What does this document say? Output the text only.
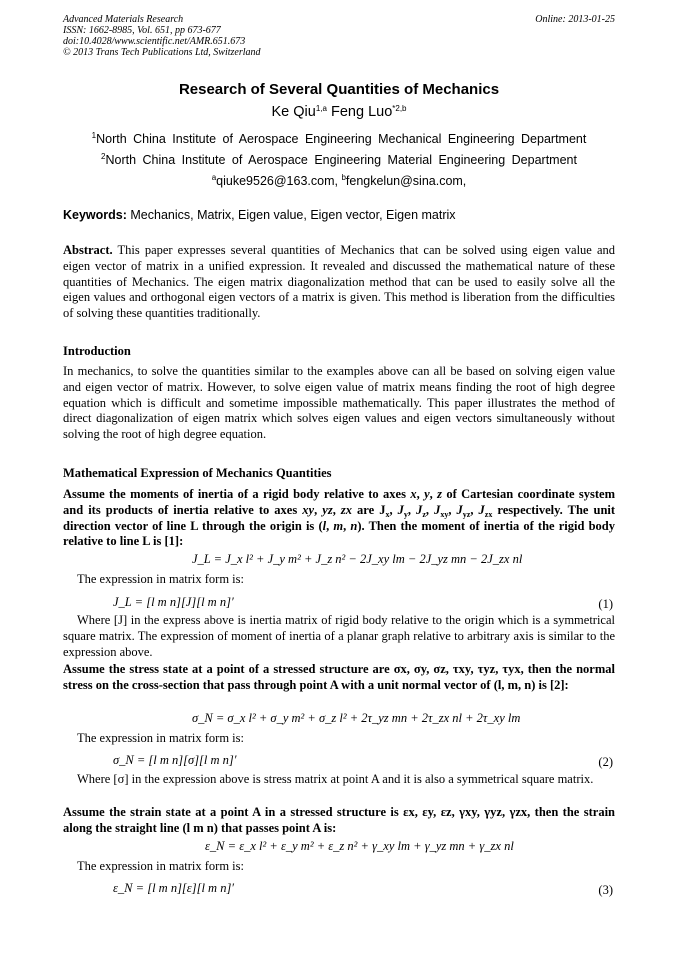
Advanced Materials Research
ISSN: 1662-8985, Vol. 651, pp 673-677
doi:10.4028/www.scientific.net/AMR.651.673
© 2013 Trans Tech Publications Ltd, Switzerland
Online: 2013-01-25
Research of Several Quantities of Mechanics
Ke Qiu$^{1,a}$ Feng Luo$^{*2,b}$
$^1$North China Institute of Aerospace Engineering Mechanical Engineering Department
$^2$North China Institute of Aerospace Engineering Material Engineering Department
$^a$qiuke9526@163.com, $^b$fengkelun@sina.com,
Keywords: Mechanics, Matrix, Eigen value, Eigen vector, Eigen matrix
Abstract. This paper expresses several quantities of Mechanics that can be solved using eigen value and eigen vector of matrix in a unified expression. It revealed and discussed the mathematical nature of these quantities of Mechanics. The eigen matrix diagonalization method that can be used to easily solve all the eigen values and orthogonal eigen vectors of a matrix is given. This method is liberation from the difficulties of solving these quantities traditionally.
Introduction
In mechanics, to solve the quantities similar to the examples above can all be based on solving eigen value and eigen vector of matrix. However, to solve eigen value of matrix means finding the root of high degree equation which is difficult and sometime impossible mathematically. This paper illustrates the method of direct diagonalization of eigen matrix which solves eigen values and eigen vectors simultaneously without solving the root of high degree equation.
Mathematical Expression of Mechanics Quantities
Assume the moments of inertia of a rigid body relative to axes x, y, z of Cartesian coordinate system and its products of inertia relative to axes xy, yz, zx are $J_x$, $J_y$, $J_z$, $J_{xy}$, $J_{yz}$, $J_{zx}$ respectively. The unit direction vector of line L through the origin is (l, m, n). Then the moment of inertia of the rigid body relative to line L is [1]:
J_L = J_x l² + J_y m² + J_z n² − 2J_xy lm − 2J_yz mn − 2J_zx nl
The expression in matrix form is:
J_L = [l m n][J][l m n]′	(1)
Where [J] in the express above is inertia matrix of rigid body relative to the origin which is a symmetrical square matrix. The expression of moment of inertia of a planar graph relative to arbitrary axis is similar to the expression above.
Assume the stress state at a point of a stressed structure are σx, σy, σz, τxy, τyz, τyx, then the normal stress on the cross-section that pass through point A with a unit normal vector of (l, m, n) is [2]:
σ_N = σ_x l² + σ_y m² + σ_z l² + 2τ_yz mn + 2τ_zx nl + 2τ_xy lm
The expression in matrix form is:
σ_N = [l m n][σ][l m n]′	(2)
Where [σ] in the expression above is stress matrix at point A and it is also a symmetrical square matrix.
Assume the strain state at a point A in a stressed structure is εx, εy, εz, γxy, γyz, γzx, then the strain along the straight line (l m n) that passes point A is:
ε_N = ε_x l² + ε_y m² + ε_z n² + γ_xy lm + γ_yz mn + γ_zx nl
The expression in matrix form is:
ε_N = [l m n][ε][l m n]′	(3)
